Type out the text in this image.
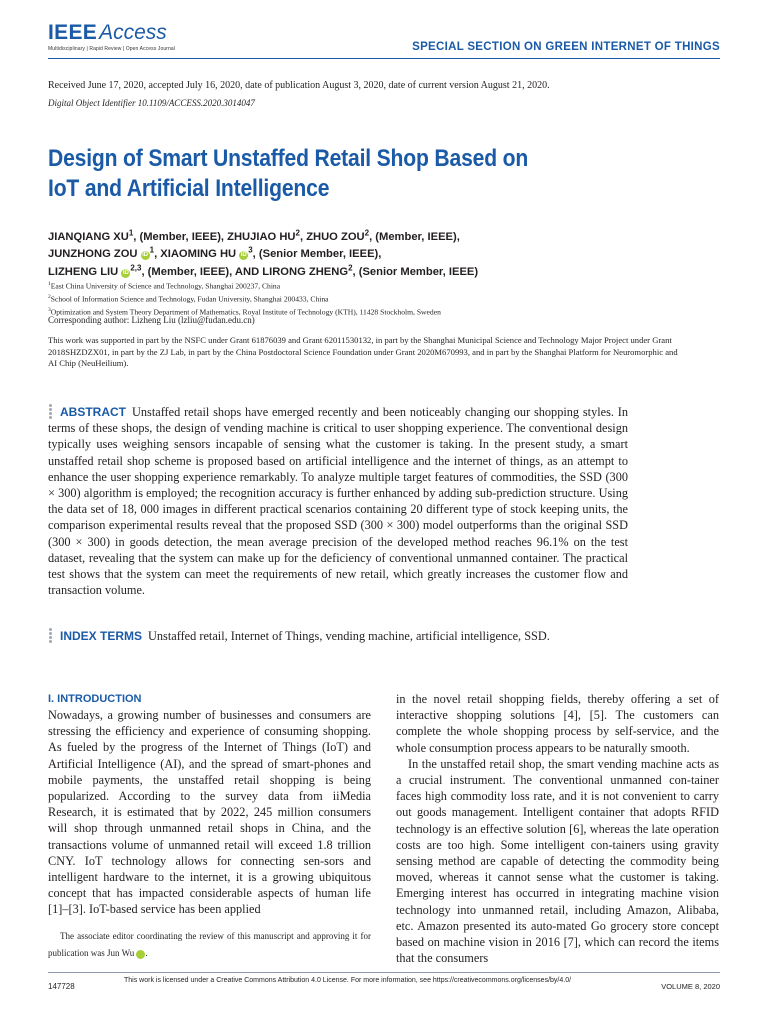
IEEEAccess
Multidisciplinary | Rapid Review | Open Access Journal	SPECIAL SECTION ON GREEN INTERNET OF THINGS
Received June 17, 2020, accepted July 16, 2020, date of publication August 3, 2020, date of current version August 21, 2020.
Digital Object Identifier 10.1109/ACCESS.2020.3014047
Design of Smart Unstaffed Retail Shop Based on IoT and Artificial Intelligence
JIANQIANG $XU^1$, (Member, IEEE), ZHUJIAO $HU^2$, ZHUO ZOU$^2$, (Member, IEEE),
JUNZHONG ZOU $iD^1$, XIAOMING HU $iD^3$, (Senior Member, IEEE),
LIZHENG LIU iD$^{2,3}$, (Member, IEEE), AND LIRONG ZHENG$^2$, (Senior Member, IEEE)
$^1$East China University of Science and Technology, Shanghai 200237, China
$^2$School of Information Science and Technology, Fudan University, Shanghai 200433, China
$^3$Optimization and System Theory Department of Mathematics, Royal Institute of Technology (KTH), 11428 Stockholm, Sweden
Corresponding author: Lizheng Liu (lzliu@fudan.edu.cn)
This work was supported in part by the NSFC under Grant 61876039 and Grant 62011530132, in part by the Shanghai Municipal Science and Technology Major Project under Grant 2018SHZDZX01, in part by the ZJ Lab, in part by the China Postdoctoral Science Foundation under Grant 2020M670993, and in part by the Shanghai Platform for Neuromorphic and AI Chip (NeuHeilium).
ABSTRACT Unstaffed retail shops have emerged recently and been noticeably changing our shopping styles. In terms of these shops, the design of vending machine is critical to user shopping experience. The conventional design typically uses weighing sensors incapable of sensing what the customer is taking. In the present study, a smart unstaffed retail shop scheme is proposed based on artificial intelligence and the internet of things, as an attempt to enhance the user shopping experience remarkably. To analyze multiple target features of commodities, the SSD (300 × 300) algorithm is employed; the recognition accuracy is further enhanced by adding sub-prediction structure. Using the data set of 18, 000 images in different practical scenarios containing 20 different type of stock keeping units, the comparison experimental results reveal that the proposed SSD (300 × 300) model outperforms than the original SSD (300 × 300) in goods detection, the mean average precision of the developed method reaches 96.1% on the test dataset, revealing that the system can make up for the deficiency of conventional unmanned container. The practical test shows that the system can meet the requirements of new retail, which greatly increases the customer flow and transaction volume.
INDEX TERMS Unstaffed retail, Internet of Things, vending machine, artificial intelligence, SSD.
I. INTRODUCTION

Nowadays, a growing number of businesses and consumers are stressing the efficiency and experience of consuming shopping. As fueled by the progress of the Internet of Things (IoT) and Artificial Intelligence (AI), and the spread of smart-phones and mobile payments, the unstaffed retail shopping is being popularized. According to the survey data from iiMedia Research, it is estimated that by 2022, 245 million consumers will shop through unmanned retail shops in China, and the transactions volume of unmanned retail will exceed 1.8 trillion CNY. IoT technology allows for connecting sen-sors and intelligent hardware to the internet, it is a growing ubiquitous concept that has impacted considerable aspects of human life [1]–[3]. IoT-based service has been applied

in the novel retail shopping fields, thereby offering a set of interactive shopping solutions [4], [5]. The customers can complete the whole shopping process by self-service, and the whole consumption process appears to be naturally smooth.

In the unstaffed retail shop, the smart vending machine acts as a crucial instrument. The conventional unmanned con-tainer faces high commodity loss rate, and it is not convenient to carry out goods management. Intelligent container that adopts RFID technology is an effective solution [6], whereas the late operation costs are too high. Some intelligent con-tainers using gravity sensing method are capable of detecting the commodity being moved, whereas it cannot sense what the customer is taking. Emerging interest has occurred in integrating machine vision technology into unmanned retail, including Amazon, Alibaba, etc. Amazon presented its auto-mated Go grocery store concept based on machine vision in 2016 [7], which can record the items that the consumers

The associate editor coordinating the review of this manuscript and approving it for publication was Jun Wu iD.
147728
This work is licensed under a Creative Commons Attribution 4.0 License. For more information, see https://creativecommons.org/licenses/by/4.0/
VOLUME 8, 2020
